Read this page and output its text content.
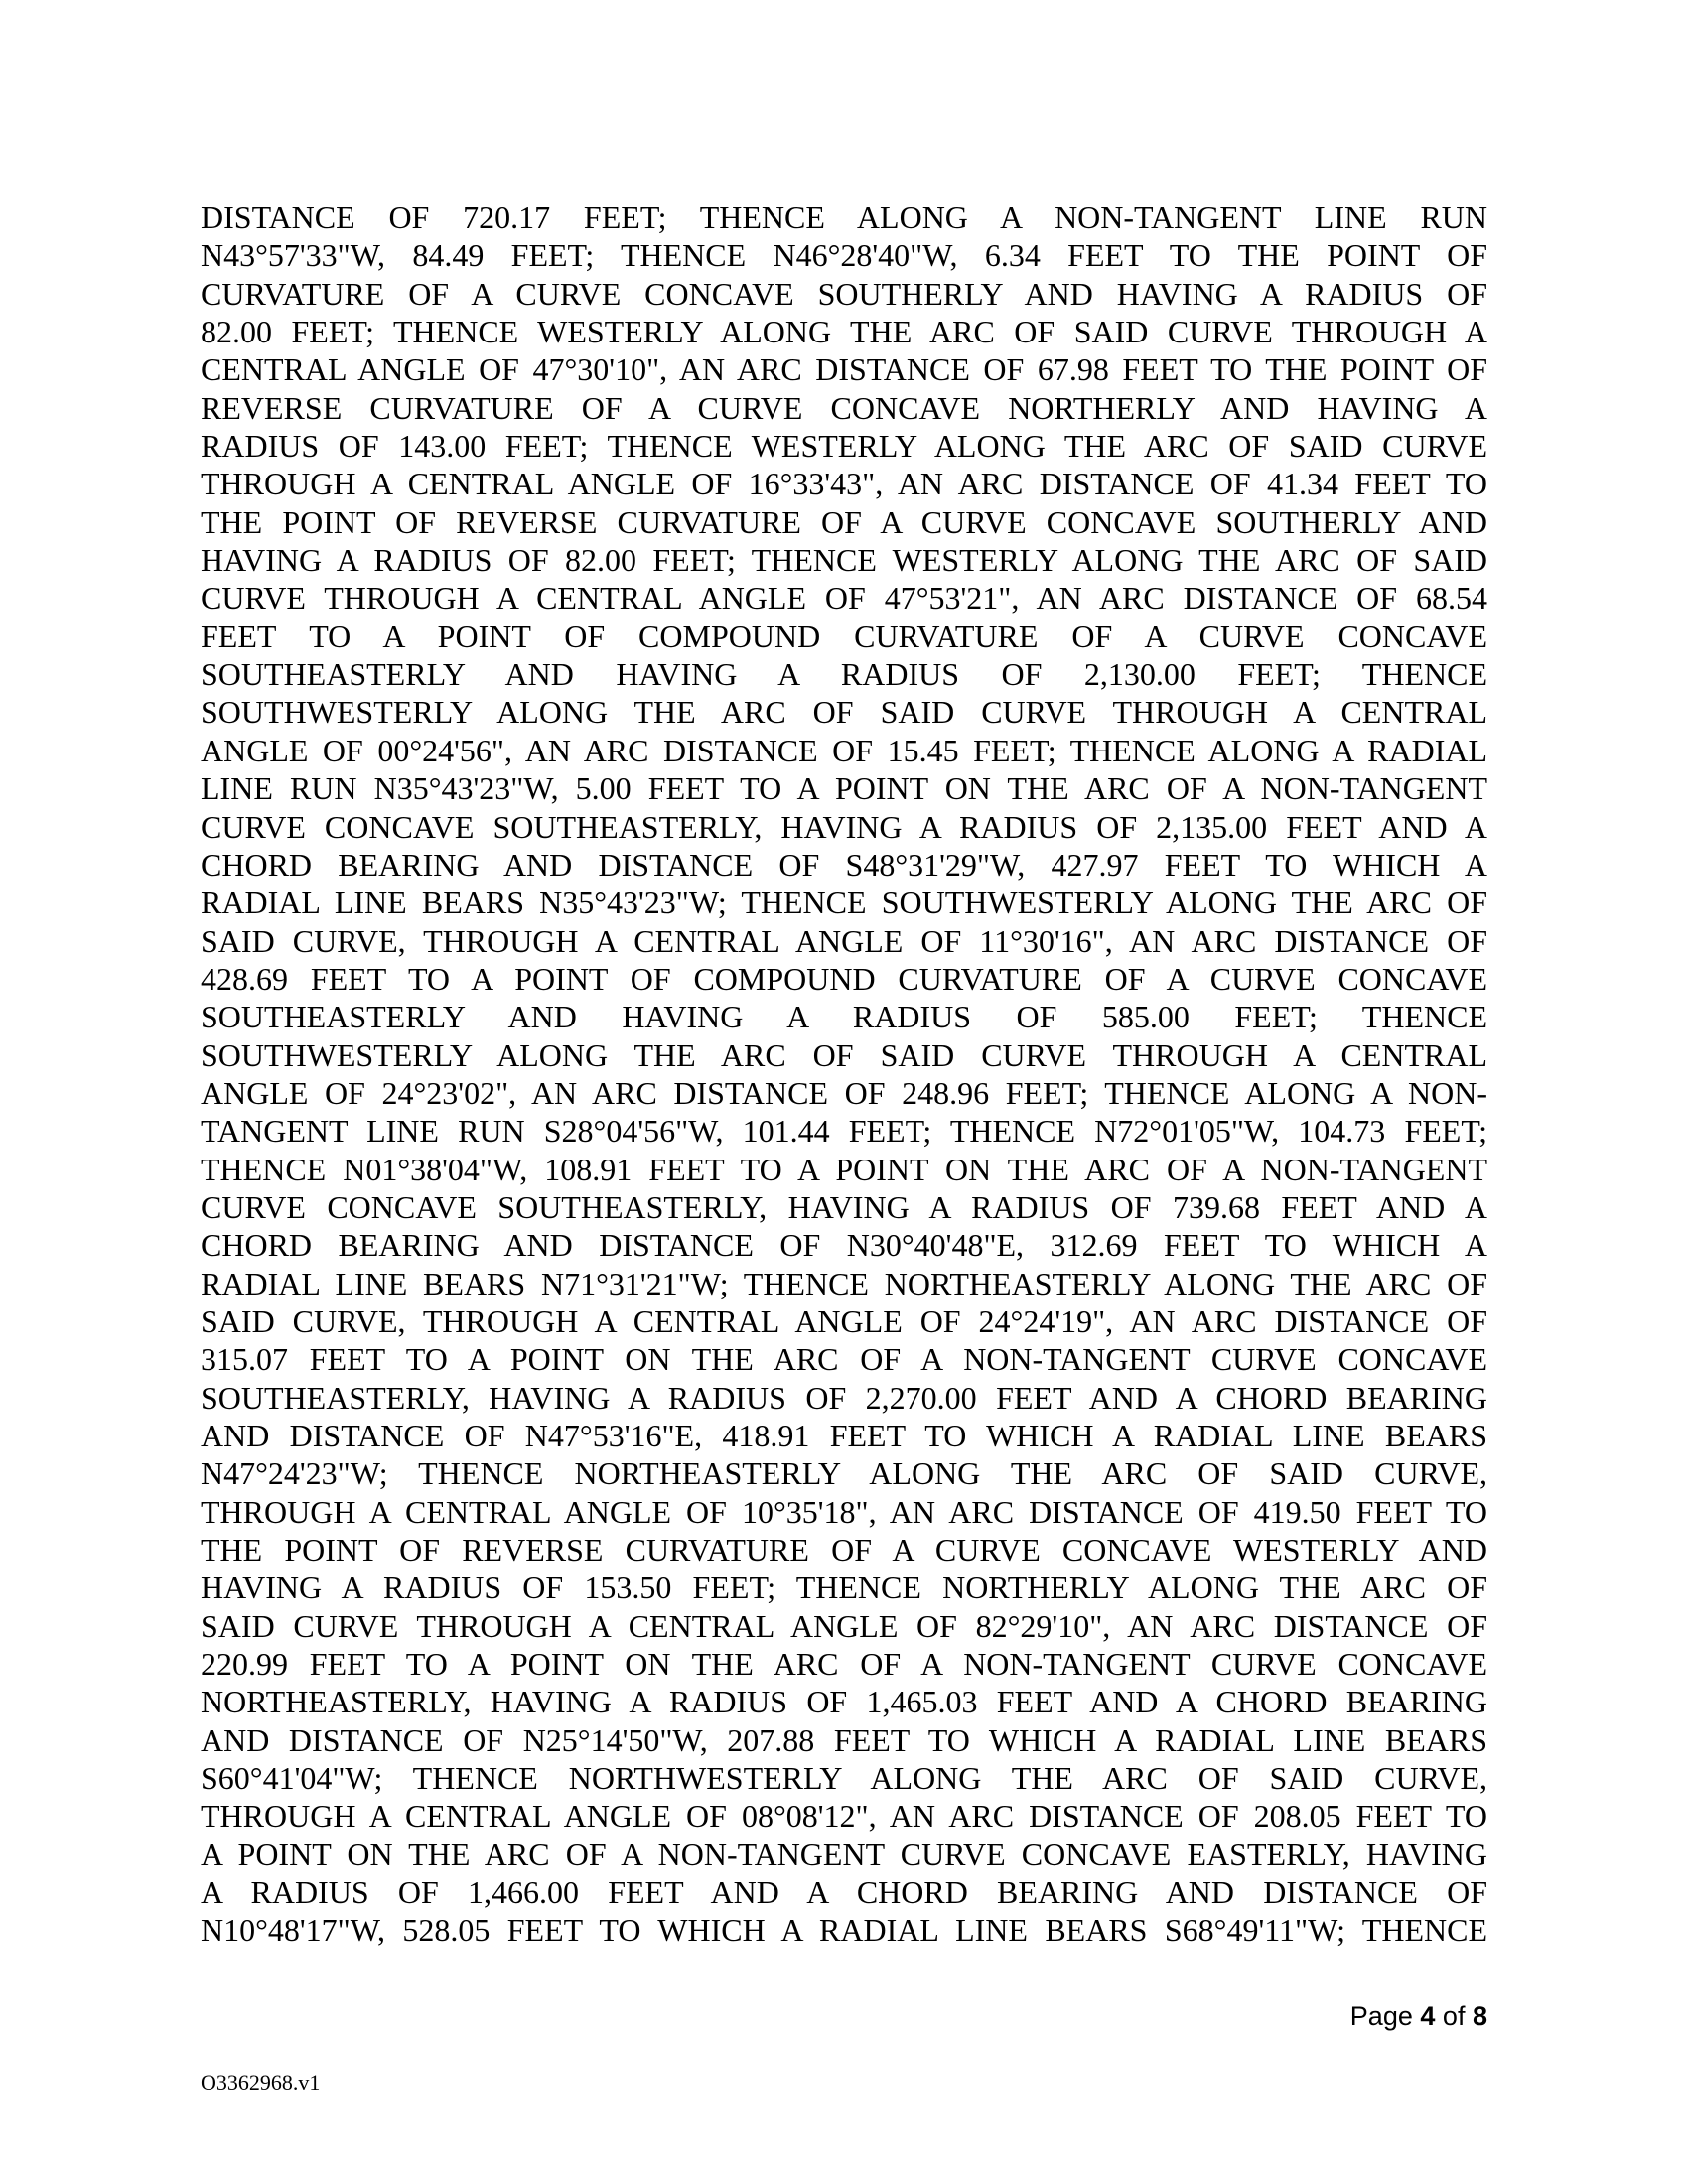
DISTANCE OF 720.17 FEET; THENCE ALONG A NON-TANGENT LINE RUN
N43°57'33"W, 84.49 FEET; THENCE N46°28'40"W, 6.34 FEET TO THE POINT OF
CURVATURE OF A CURVE CONCAVE SOUTHERLY AND HAVING A RADIUS OF
82.00 FEET; THENCE WESTERLY ALONG THE ARC OF SAID CURVE THROUGH A
CENTRAL ANGLE OF 47°30'10", AN ARC DISTANCE OF 67.98 FEET TO THE POINT OF
REVERSE CURVATURE OF A CURVE CONCAVE NORTHERLY AND HAVING A
RADIUS OF 143.00 FEET; THENCE WESTERLY ALONG THE ARC OF SAID CURVE
THROUGH A CENTRAL ANGLE OF 16°33'43", AN ARC DISTANCE OF 41.34 FEET TO
THE POINT OF REVERSE CURVATURE OF A CURVE CONCAVE SOUTHERLY AND
HAVING A RADIUS OF 82.00 FEET; THENCE WESTERLY ALONG THE ARC OF SAID
CURVE THROUGH A CENTRAL ANGLE OF 47°53'21", AN ARC DISTANCE OF 68.54
FEET TO A POINT OF COMPOUND CURVATURE OF A CURVE CONCAVE
SOUTHEASTERLY AND HAVING A RADIUS OF 2,130.00 FEET; THENCE
SOUTHWESTERLY ALONG THE ARC OF SAID CURVE THROUGH A CENTRAL
ANGLE OF 00°24'56", AN ARC DISTANCE OF 15.45 FEET; THENCE ALONG A RADIAL
LINE RUN N35°43'23"W, 5.00 FEET TO A POINT ON THE ARC OF A NON-TANGENT
CURVE CONCAVE SOUTHEASTERLY, HAVING A RADIUS OF 2,135.00 FEET AND A
CHORD BEARING AND DISTANCE OF S48°31'29"W, 427.97 FEET TO WHICH A
RADIAL LINE BEARS N35°43'23"W; THENCE SOUTHWESTERLY ALONG THE ARC OF
SAID CURVE, THROUGH A CENTRAL ANGLE OF 11°30'16", AN ARC DISTANCE OF
428.69 FEET TO A POINT OF COMPOUND CURVATURE OF A CURVE CONCAVE
SOUTHEASTERLY AND HAVING A RADIUS OF 585.00 FEET; THENCE
SOUTHWESTERLY ALONG THE ARC OF SAID CURVE THROUGH A CENTRAL
ANGLE OF 24°23'02", AN ARC DISTANCE OF 248.96 FEET; THENCE ALONG A NON-
TANGENT LINE RUN S28°04'56"W, 101.44 FEET; THENCE N72°01'05"W, 104.73 FEET;
THENCE N01°38'04"W, 108.91 FEET TO A POINT ON THE ARC OF A NON-TANGENT
CURVE CONCAVE SOUTHEASTERLY, HAVING A RADIUS OF 739.68 FEET AND A
CHORD BEARING AND DISTANCE OF N30°40'48"E, 312.69 FEET TO WHICH A
RADIAL LINE BEARS N71°31'21"W; THENCE NORTHEASTERLY ALONG THE ARC OF
SAID CURVE, THROUGH A CENTRAL ANGLE OF 24°24'19", AN ARC DISTANCE OF
315.07 FEET TO A POINT ON THE ARC OF A NON-TANGENT CURVE CONCAVE
SOUTHEASTERLY, HAVING A RADIUS OF 2,270.00 FEET AND A CHORD BEARING
AND DISTANCE OF N47°53'16"E, 418.91 FEET TO WHICH A RADIAL LINE BEARS
N47°24'23"W; THENCE NORTHEASTERLY ALONG THE ARC OF SAID CURVE,
THROUGH A CENTRAL ANGLE OF 10°35'18", AN ARC DISTANCE OF 419.50 FEET TO
THE POINT OF REVERSE CURVATURE OF A CURVE CONCAVE WESTERLY AND
HAVING A RADIUS OF 153.50 FEET; THENCE NORTHERLY ALONG THE ARC OF
SAID CURVE THROUGH A CENTRAL ANGLE OF 82°29'10", AN ARC DISTANCE OF
220.99 FEET TO A POINT ON THE ARC OF A NON-TANGENT CURVE CONCAVE
NORTHEASTERLY, HAVING A RADIUS OF 1,465.03 FEET AND A CHORD BEARING
AND DISTANCE OF N25°14'50"W, 207.88 FEET TO WHICH A RADIAL LINE BEARS
S60°41'04"W; THENCE NORTHWESTERLY ALONG THE ARC OF SAID CURVE,
THROUGH A CENTRAL ANGLE OF 08°08'12", AN ARC DISTANCE OF 208.05 FEET TO
A POINT ON THE ARC OF A NON-TANGENT CURVE CONCAVE EASTERLY, HAVING
A RADIUS OF 1,466.00 FEET AND A CHORD BEARING AND DISTANCE OF
N10°48'17"W, 528.05 FEET TO WHICH A RADIAL LINE BEARS S68°49'11"W; THENCE
Page 4 of 8
O3362968.v1
